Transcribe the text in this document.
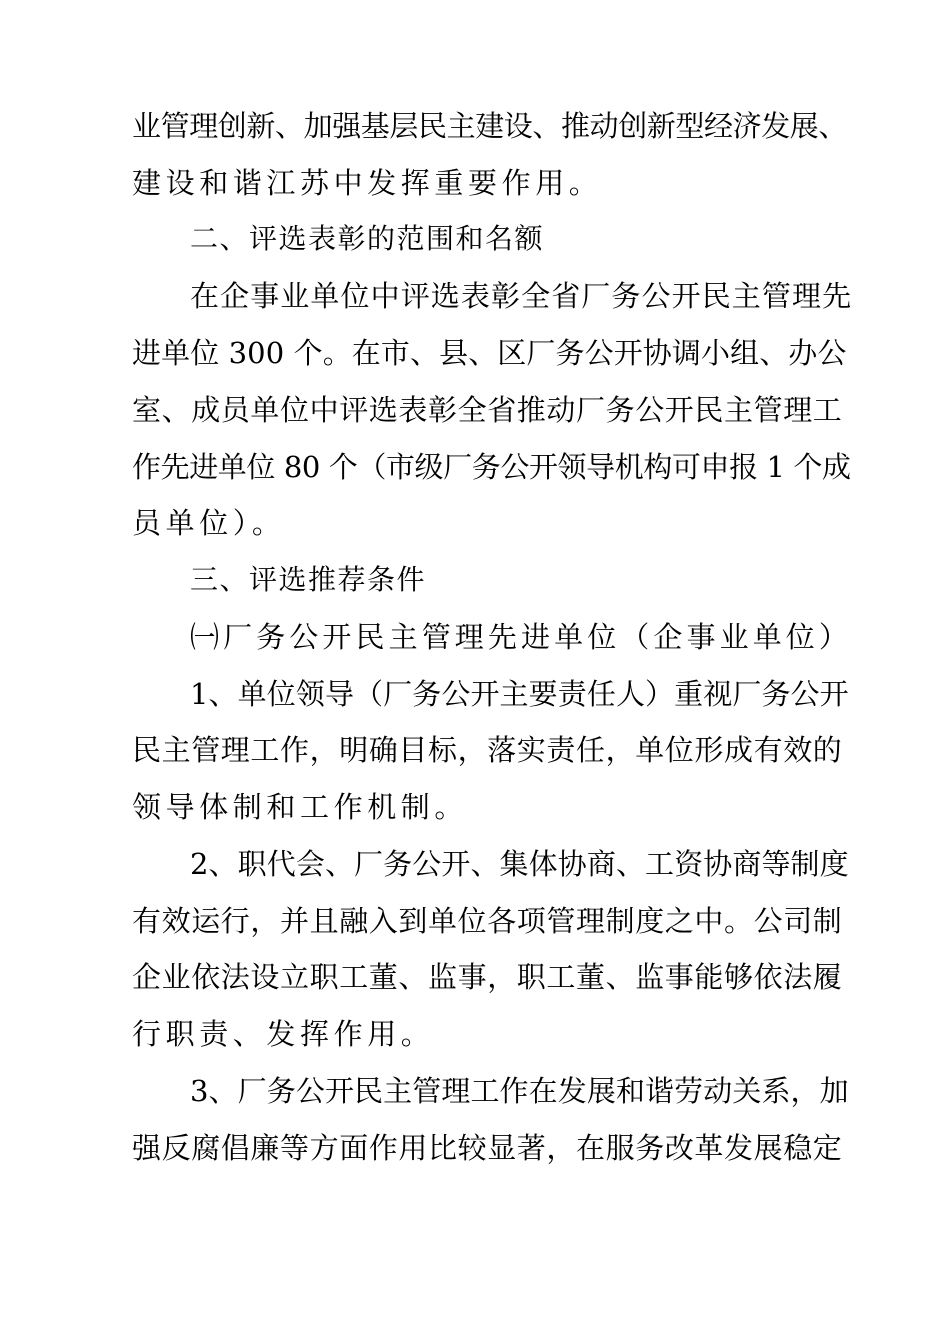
业管理创新、加强基层民主建设、推动创新型经济发展、
建设和谐江苏中发挥重要作用。
二、评选表彰的范围和名额
在企事业单位中评选表彰全省厂务公开民主管理先
进单位 300 个。在市、县、区厂务公开协调小组、办公
室、成员单位中评选表彰全省推动厂务公开民主管理工
作先进单位 80 个（市级厂务公开领导机构可申报 1 个成
员单位）。
三、评选推荐条件
㈠厂务公开民主管理先进单位（企事业单位）
1、单位领导（厂务公开主要责任人）重视厂务公开
民主管理工作，明确目标，落实责任，单位形成有效的
领导体制和工作机制。
2、职代会、厂务公开、集体协商、工资协商等制度
有效运行，并且融入到单位各项管理制度之中。公司制
企业依法设立职工董、监事，职工董、监事能够依法履
行职责、发挥作用。
3、厂务公开民主管理工作在发展和谐劳动关系，加
强反腐倡廉等方面作用比较显著，在服务改革发展稳定
